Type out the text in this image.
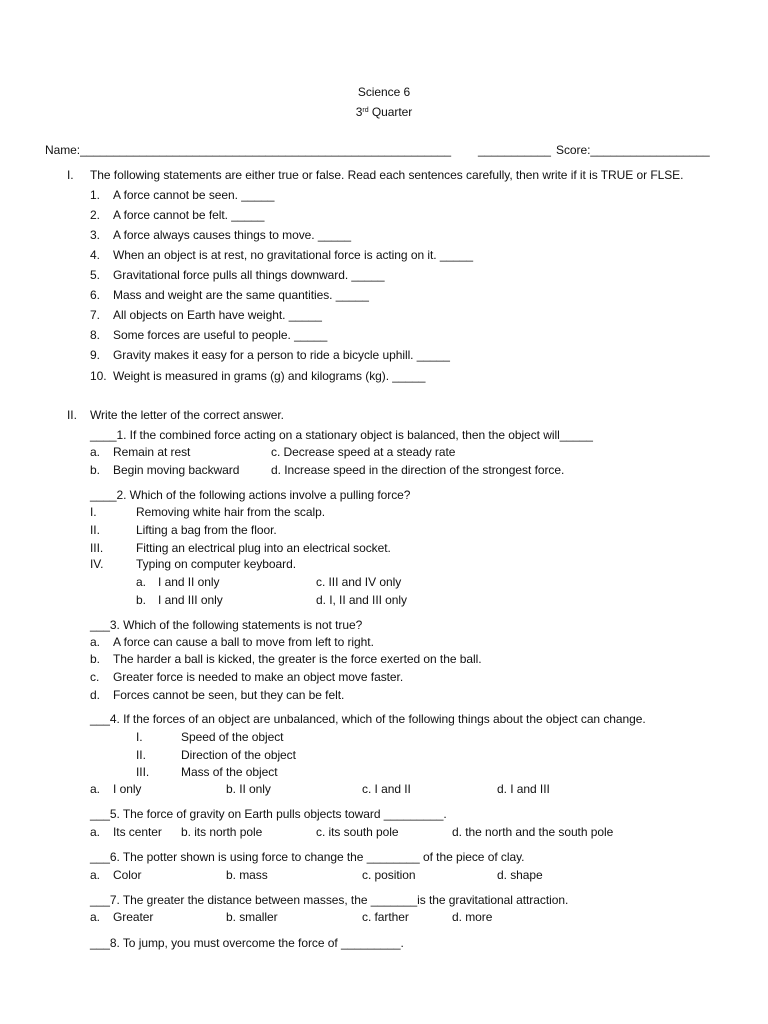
Science 6
3rd Quarter
Name:________________________________________________________ ___________ Score:__________________
I. The following statements are either true or false. Read each sentences carefully, then write if it is TRUE or FLSE.
1. A force cannot be seen. _____
2. A force cannot be felt. _____
3. A force always causes things to move. _____
4. When an object is at rest, no gravitational force is acting on it. _____
5. Gravitational force pulls all things downward. _____
6. Mass and weight are the same quantities. _____
7. All objects on Earth have weight. _____
8. Some forces are useful to people. _____
9. Gravity makes it easy for a person to ride a bicycle uphill. _____
10. Weight is measured in grams (g) and kilograms (kg). _____
II. Write the letter of the correct answer.
____1. If the combined force acting on a stationary object is balanced, then the object will_____
a. Remain at rest	c. Decrease speed at a steady rate
b. Begin moving backward	d. Increase speed in the direction of the strongest force.
____2. Which of the following actions involve a pulling force?
I.	Removing white hair from the scalp.
II.	Lifting a bag from the floor.
III.	Fitting an electrical plug into an electrical socket.
IV.	Typing on computer keyboard.
a. I and II only	c. III and IV only
b. I and III only	d. I, II and III only
___3. Which of the following statements is not true?
a. A force can cause a ball to move from left to right.
b. The harder a ball is kicked, the greater is the force exerted on the ball.
c. Greater force is needed to make an object move faster.
d. Forces cannot be seen, but they can be felt.
___4. If the forces of an object are unbalanced, which of the following things about the object can change.
I.	Speed of the object
II.	Direction of the object
III.	Mass of the object
a. I only	b. II only	c. I and II	d. I and III
___5. The force of gravity on Earth pulls objects toward _________.
a. Its center b. its north pole	c. its south pole	d. the north and the south pole
___6. The potter shown is using force to change the ________ of the piece of clay.
a. Color	b. mass	c. position	d. shape
___7. The greater the distance between masses, the _______is the gravitational attraction.
a. Greater	b. smaller	c. farther	d. more
___8. To jump, you must overcome the force of _________.
